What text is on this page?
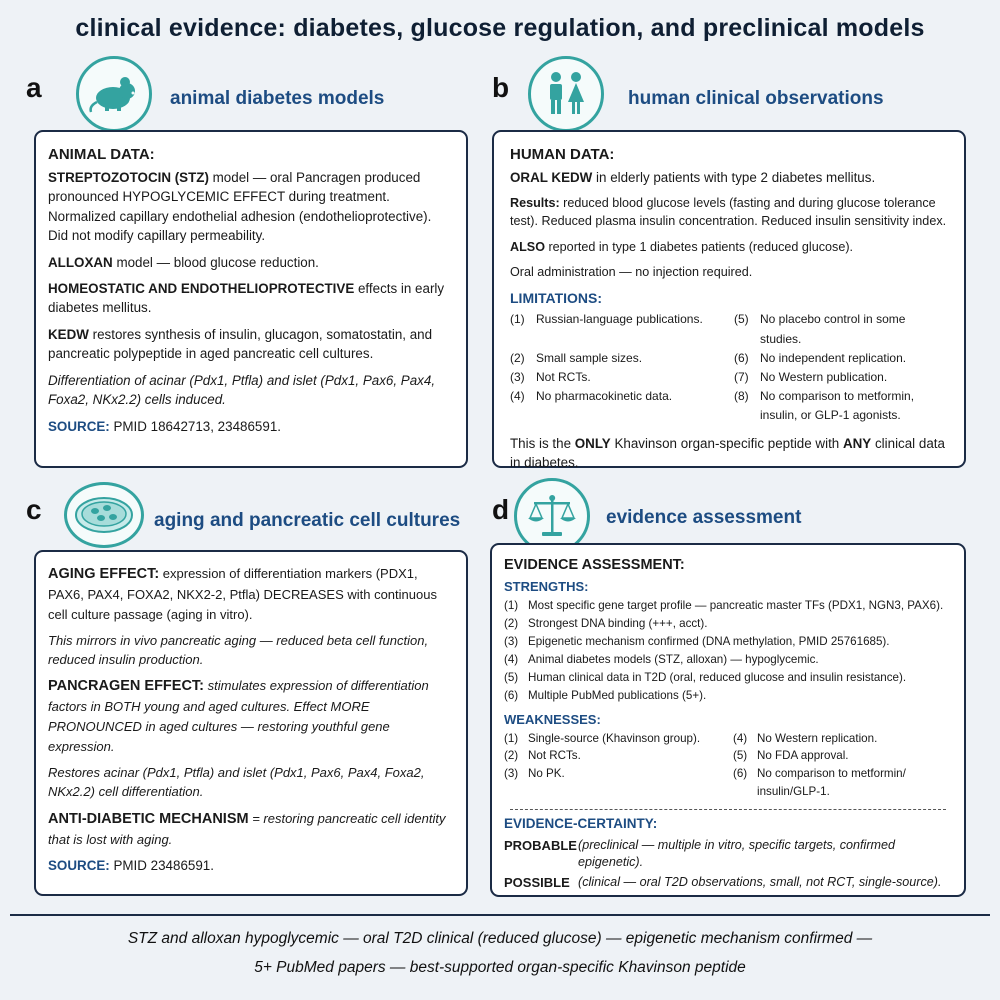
clinical evidence: diabetes, glucose regulation, and preclinical models
a	animal diabetes models
ANIMAL DATA:

STREPTOZOTOCIN (STZ) model — oral Pancragen produced pronounced HYPOGLYCEMIC EFFECT during treatment. Normalized capillary endothelial adhesion (endothelioprotective). Did not modify capillary permeability.

ALLOXAN model — blood glucose reduction.

HOMEOSTATIC AND ENDOTHELIOPROTECTIVE effects in early diabetes mellitus.

KEDW restores synthesis of insulin, glucagon, somatostatin, and pancreatic polypeptide in aged pancreatic cell cultures.

Differentiation of acinar (Pdx1, Ptfla) and islet (Pdx1, Pax6, Pax4, Foxa2, NKx2.2) cells induced.

SOURCE: PMID 18642713, 23486591.

b	human clinical observations
HUMAN DATA:

ORAL KEDW in elderly patients with type 2 diabetes mellitus.

Results: reduced blood glucose levels (fasting and during glucose tolerance test). Reduced plasma insulin concentration. Reduced insulin sensitivity index.

ALSO reported in type 1 diabetes patients (reduced glucose).

Oral administration — no injection required.

LIMITATIONS:
(1) Russian-language publications.	(5) No placebo control in some studies.
(2) Small sample sizes.	(6) No independent replication.
(3) Not RCTs.	(7) No Western publication.
(4) No pharmacokinetic data.	(8) No comparison to metformin, insulin, or GLP-1 agonists.

This is the ONLY Khavinson organ-specific peptide with ANY clinical data in diabetes.

c	aging and pancreatic cell cultures

AGING EFFECT: expression of differentiation markers (PDX1, PAX6, PAX4, FOXA2, NKX2-2, Ptfla) DECREASES with continuous cell culture passage (aging in vitro).

This mirrors in vivo pancreatic aging — reduced beta cell function, reduced insulin production.

PANCRAGEN EFFECT: stimulates expression of differentiation factors in BOTH young and aged cultures. Effect MORE PRONOUNCED in aged cultures — restoring youthful gene expression.

Restores acinar (Pdx1, Ptfla) and islet (Pdx1, Pax6, Pax4, Foxa2, NKx2.2) cell differentiation.

ANTI-DIABETIC MECHANISM = restoring pancreatic cell identity that is lost with aging.

SOURCE: PMID 23486591.

d	evidence assessment
EVIDENCE ASSESSMENT:
STRENGTHS:
(1) Most specific gene target profile — pancreatic master TFs (PDX1, NGN3, PAX6).
(2) Strongest DNA binding (+++, acct).
(3) Epigenetic mechanism confirmed (DNA methylation, PMID 25761685).
(4) Animal diabetes models (STZ, alloxan) — hypoglycemic.
(5) Human clinical data in T2D (oral, reduced glucose and insulin resistance).
(6) Multiple PubMed publications (5+).
WEAKNESSES:
(1) Single-source (Khavinson group).	(4) No Western replication.
(2) Not RCTs.	(5) No FDA approval.
(3) No PK.	(6) No comparison to metformin/ insulin/GLP-1.
EVIDENCE-CERTAINTY:
PROBABLE (preclinical — multiple in vitro, specific targets, confirmed epigenetic).
POSSIBLE (clinical — oral T2D observations, small, not RCT, single-source).
STZ and alloxan hypoglycemic — oral T2D clinical (reduced glucose) — epigenetic mechanism confirmed —
5+ PubMed papers — best-supported organ-specific Khavinson peptide
